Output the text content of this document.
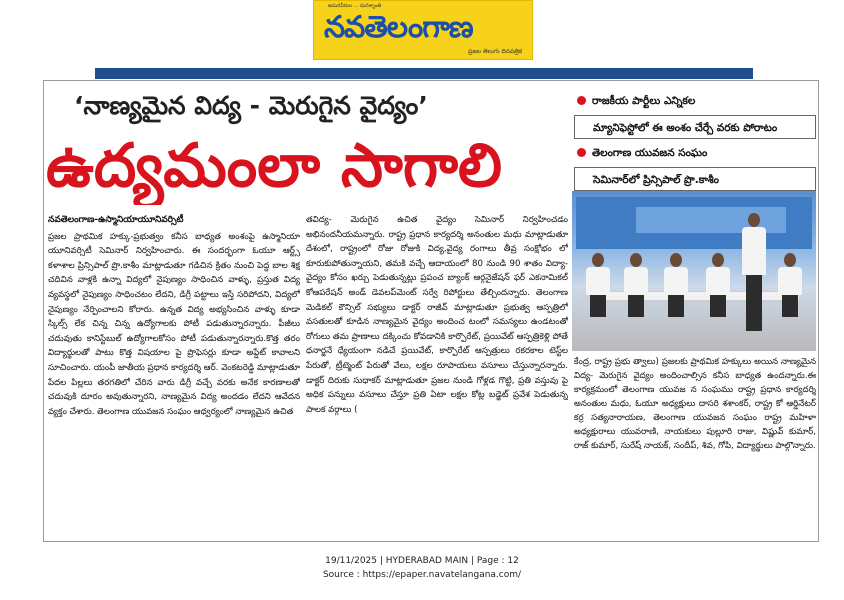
అమరవీరుల ... మనశ్శాంతి
నవతెలంగాణ
ప్రజల తెలుగు దినపత్రిక
‘నాణ్యమైన విద్య - మెరుగైన వైద్యం’
ఉద్యమంలా సాగాలి
రాజకీయ పార్టీలు ఎన్నికల
మ్యానిఫెస్టోలో ఈ అంశం చేర్చే వరకు పోరాటం
తెలంగాణ యువజన సంఘం
సెమినార్‌లో ప్రిన్సిపాల్ ప్రొ.కాశీం
కేంద్ర, రాష్ట్ర ప్రభు త్వాలు) ప్రజలకు ప్రాథమిక హక్కులు అయిన నాణ్యమైన విద్య- మెరుగైన వైద్యం అందించాల్సిన కనీస బాధ్యత ఉందన్నారు.ఈ కార్యక్రమంలో తెలంగాణ యువజ న సంఘము రాష్ట్ర ప్రధాన కార్యదర్శి అనంతుల మధు, ఓయూ అధ్యక్షులు దాసరి శశాంకర్, రాష్ట్ర కో ఆర్డినేటర్ కర్ర సత్యనారాయణ, తెలంగాణ యువజన సంఘం రాష్ట్ర మహిళా అధ్యక్షురాలు యువరాణి, నాయకులు పుల్లూరి రాజు, విష్ణువ్ కుమార్, రాజ్ కుమార్, సురేష్ నాయక్, సందీప్, శివ, గోపి, విద్యార్థులు పాల్గొన్నారు.
నవతెలంగాణ-ఉస్మానియాయూనివర్సిటీ
ప్రజల ప్రాథమిక హక్కు-ప్రభుత్వం కనీస బాధ్యత అంశంపై ఉస్మానియా యూనివర్సిటీ సెమినార్ నిర్వహించారు. ఈ సందర్భంగా ఓయూ ఆర్ట్స్ కళాశాల ప్రిన్సిపాల్ ప్రొ.కాశీం మాట్లాడుతూ గడిచిన క్రితం నుంచి పెద్ద బాల శిక్ష చదివిన వాళ్లకి ఉన్నా విద్యలో నైపుణ్యం సాధించిన వాళ్ళు, ప్రస్తుత విద్య వ్యవస్థలో నైపుణ్యం సాధించటం లేదని, డిగ్రీ పట్టాలు ఇస్తే సరిపోదని, విద్యలో నైపుణ్యం నేర్పించాలని కోరారు. ఉన్నత విద్య అభ్యసించిన వాళ్ళు కూడా స్కిల్స్ లేక చిన్న చిన్న ఉద్యోగాలకు పోటీ పడుతున్నారన్నారు. పీజీలు చదువుతు కానిస్టేబుల్ ఉద్యోగాలకోసం పోటీ పడుతున్నారన్నారు.కొత్త తరం విద్యార్థులతో పాటు కొత్త విషయాల పై ప్రొఫెసర్లు కూడా అప్డేట్ కావాలని సూచించారు. యంపీ జాతీయ ప్రధాన కార్యదర్శి ఆర్. వెంకటరెడ్డి మాట్లాడుతూ పేదల పిల్లలు తరగతిలో చేరిన వారు డిగ్రీ వచ్చే వరకు అనేక కారణాలతో చదువుకి దూరం అవుతున్నారని, నాణ్యమైన విద్య అందడం లేదని ఆవేదన వ్యక్తం చేశారు. తెలంగాణ యువజన సంఘం ఆధ్వర్యంలో నాణ్యమైన ఉచిత
తవిద్య- మెరుగైన ఉచిత వైద్యం సెమినార్ నిర్వహించడం అభినందనీయమన్నారు. రాష్ట్ర ప్రధాన కార్యదర్శి అనంతుల మధు మాట్లాడుతూ దేశంలో, రాష్ట్రంలో రోజు రోజుకి విద్య,వైద్య రంగాలు తీవ్ర సంక్షోభం లో కూరుకుపోతున్నాయని, తమకి వచ్చే ఆదాయంలో 80 నుండి 90 శాతం విద్యా- వైద్యం కోసం ఖర్చు పెడుతున్నట్లు ప్రపంచ బ్యాంక్ ఆర్గనైజేషన్ ఫర్ ఎకనామికల్ కోఆపరేషన్ అండ్ డెవలప్‌మెంట్ సర్వే రిపోర్టులు తేల్చిందన్నారు. తెలంగాణ మెడికల్ కౌన్సిల్ సభ్యులు డాక్టర్ రాజీవ్ మాట్లాడుతూ ప్రభుత్వ ఆస్పత్రిలో వసతులతో కూడిన నాణ్యమైన వైద్యం అందించ టంలో సమస్యలు ఉండటంతో రోగులు తమ ప్రాణాలు దక్కించు కోవడానికి కార్పొరేట్, ప్రయివేట్ ఆస్పత్రికెళ్లి పోతే ధనార్జనే ధ్యేయంగా నడిచే ప్రయివేట్, కార్పొరేట్ ఆస్పత్రులు రకరకాల టెస్ట్‌ల పేరుతో, ట్రీట్మెంట్ పేరుతో వేలు, లక్షల రూపాయలు వసూలు చేస్తున్నారన్నారు. డాక్టర్ దిరుకు సుధాకర్ మాట్లాడుతూ ప్రజల నుండి గోళ్లడ గొట్టి, ప్రతి వస్తువు పై అధిక పన్నులు వసూలు చేస్తూ ప్రతి ఏటా లక్షల కోట్ల బడ్జెట్ ప్రవేశ పెడుతున్న పాలక వర్గాలు (
19/11/2025 | HYDERABAD MAIN | Page : 12
Source : https://epaper.navatelangana.com/
